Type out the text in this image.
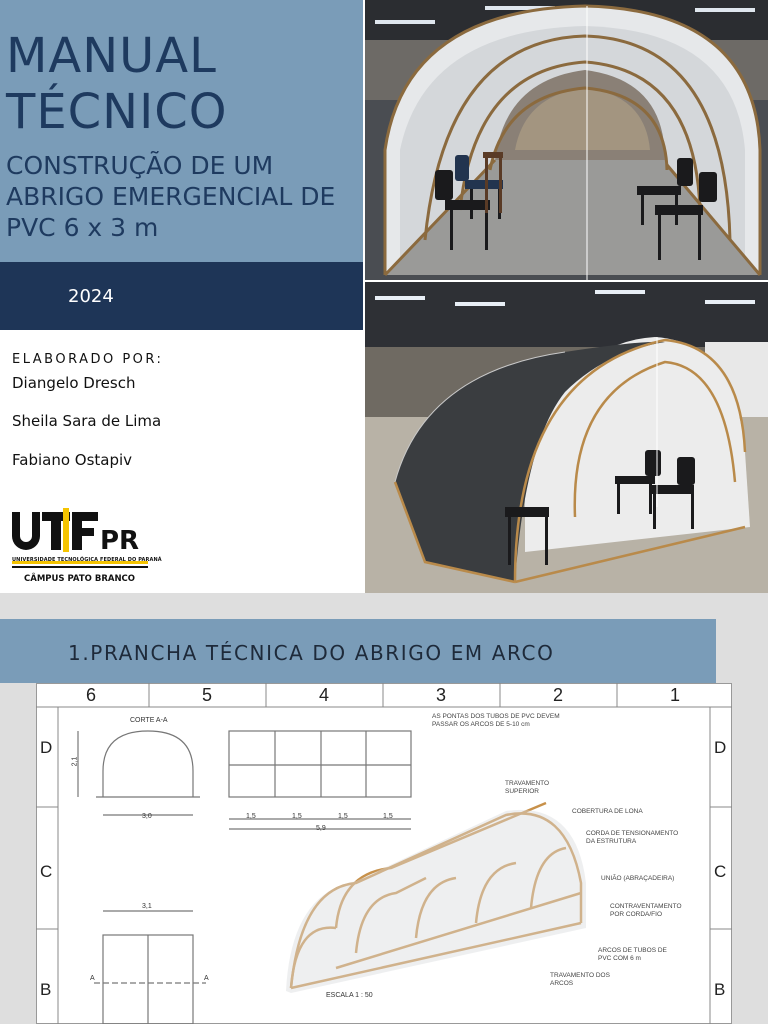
MANUAL
TÉCNICO
CONSTRUÇÃO DE UM ABRIGO EMERGENCIAL DE PVC 6 x 3 m
2024
ELABORADO POR:
Diangelo Dresch
Sheila Sara de Lima
Fabiano Ostapiv
PR
UNIVERSIDADE TECNOLÓGICA FEDERAL DO PARANÁ
CÂMPUS PATO BRANCO
1.PRANCHA TÉCNICA DO ABRIGO EM ARCO
6	5	4	3	2	1
D
C
B
D
C
B
CORTE A-A
2,1
3,0
3,1
1,5	1,5	1,5	1,5
5,9
AS PONTAS DOS TUBOS DE PVC DEVEM PASSAR OS ARCOS DE 5-10 cm
ESCALA 1 : 50
A	A
TRAVAMENTO SUPERIOR
COBERTURA DE LONA
CORDA DE TENSIONAMENTO DA ESTRUTURA
UNIÃO (ABRAÇADEIRA)
CONTRAVENTAMENTO POR CORDA/FIO
ARCOS DE TUBOS DE PVC COM 6 m
TRAVAMENTO DOS ARCOS
